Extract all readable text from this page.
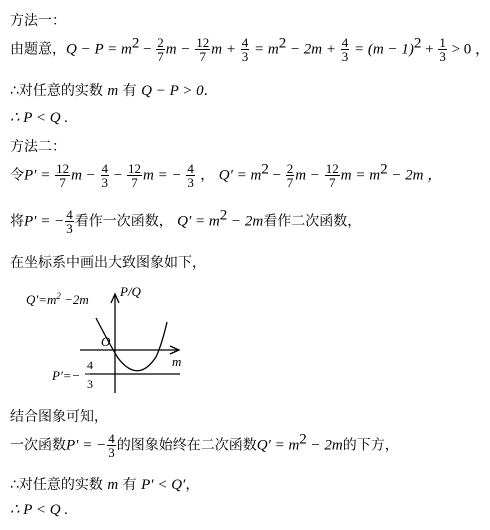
方法一：
由题意，$Q - P = m^2 - \frac{2}{7}$ $m - \frac{12}{7}$ $m + \frac{4}{3} = m^2 - 2m + \frac{4}{3} = (m - 1)^2 + \frac{1}{3} > 0$ ，
∴对任意的实数 m 有 Q − P > 0．
∴ P < Q .
方法二：
令$P' = \frac{12}{7}$ $m - \frac{4}{3} - \frac{12}{7}$ m = − $\frac{4}{3}$ ， $Q' = m^2 - \frac{2}{7}$ $m - \frac{12}{7}$ $m = m^2 - 2m$ ，
将P′ = − $\frac{4}{3}$ 看作一次函数， $Q' = m^2 - 2m$看作二次函数，
在坐标系中画出大致图象如下，
$Q'=m^2 -2m$
P/Q
m
O
P′=−
4
3
结合图象可知，
一次函数P′ = − $\frac{4}{3}$ 的图象始终在二次函数$Q' = m^2 - 2m$的下方，
∴对任意的实数 m 有 P′ < Q′，
∴ P < Q .
